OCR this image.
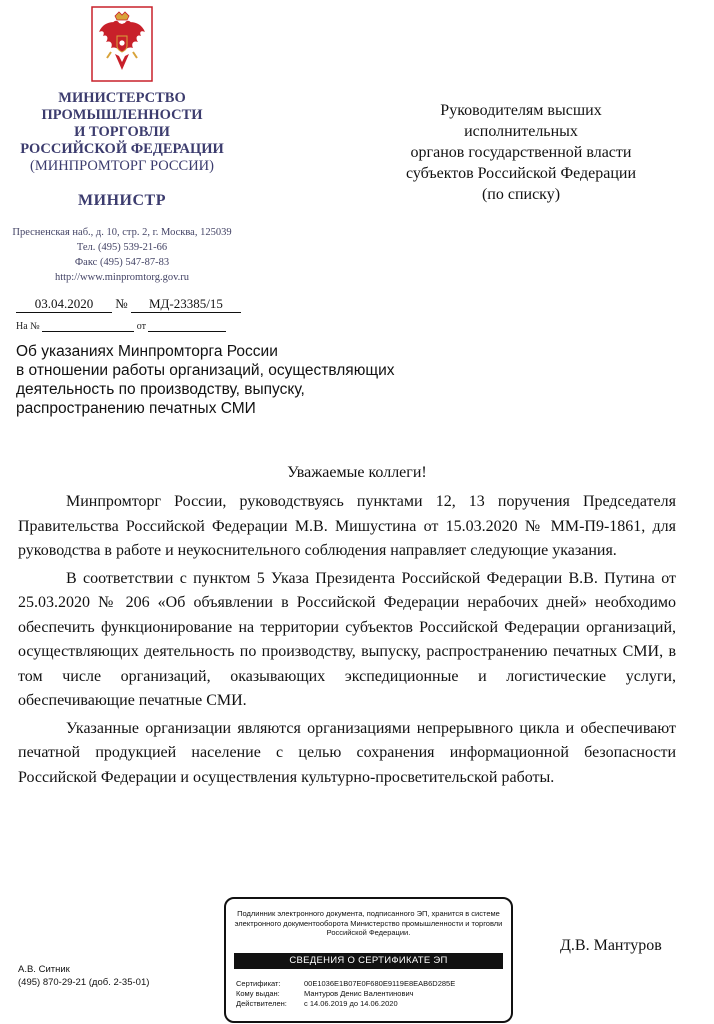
МИНИСТЕРСТВО
ПРОМЫШЛЕННОСТИ
И ТОРГОВЛИ
РОССИЙСКОЙ ФЕДЕРАЦИИ
(МИНПРОМТОРГ РОССИИ)
МИНИСТР
Пресненская наб., д. 10, стр. 2, г. Москва, 125039
Тел. (495) 539-21-66
Факс (495) 547-87-83
http://www.minpromtorg.gov.ru
03.04.2020 № МД-23385/15
На №	от
Об указаниях Минпромторга России
в отношении работы организаций, осуществляющих
деятельность по производству, выпуску,
распространению печатных СМИ
Руководителям высших
исполнительных
органов государственной власти
субъектов Российской Федерации
(по списку)
Уважаемые коллеги!

Минпромторг России, руководствуясь пунктами 12, 13 поручения Председателя Правительства Российской Федерации М.В. Мишустина от 15.03.2020 № ММ-П9-1861, для руководства в работе и неукоснительного соблюдения направляет следующие указания.

В соответствии с пунктом 5 Указа Президента Российской Федерации В.В. Путина от 25.03.2020 № 206 «Об объявлении в Российской Федерации нерабочих дней» необходимо обеспечить функционирование на территории субъектов Российской Федерации организаций, осуществляющих деятельность по производству, выпуску, распространению печатных СМИ, в том числе организаций, оказывающих экспедиционные и логистические услуги, обеспечивающие печатные СМИ.

Указанные организации являются организациями непрерывного цикла и обеспечивают печатной продукцией население с целью сохранения информационной безопасности Российской Федерации и осуществления культурно-просветительской работы.

Д.В. Мантуров
А.В. Ситник
(495) 870-29-21 (доб. 2-35-01)
Подлинник электронного документа, подписанного ЭП, хранится в системе электронного документооборота Министерство промышленности и торговли Российской Федерации.
СВЕДЕНИЯ О СЕРТИФИКАТЕ ЭП
Сертификат:	00E1036E1B07E0F680E9119E8EAB6D285E
Кому выдан:	Мантуров Денис Валентинович
Действителен: с 14.06.2019 до 14.06.2020
